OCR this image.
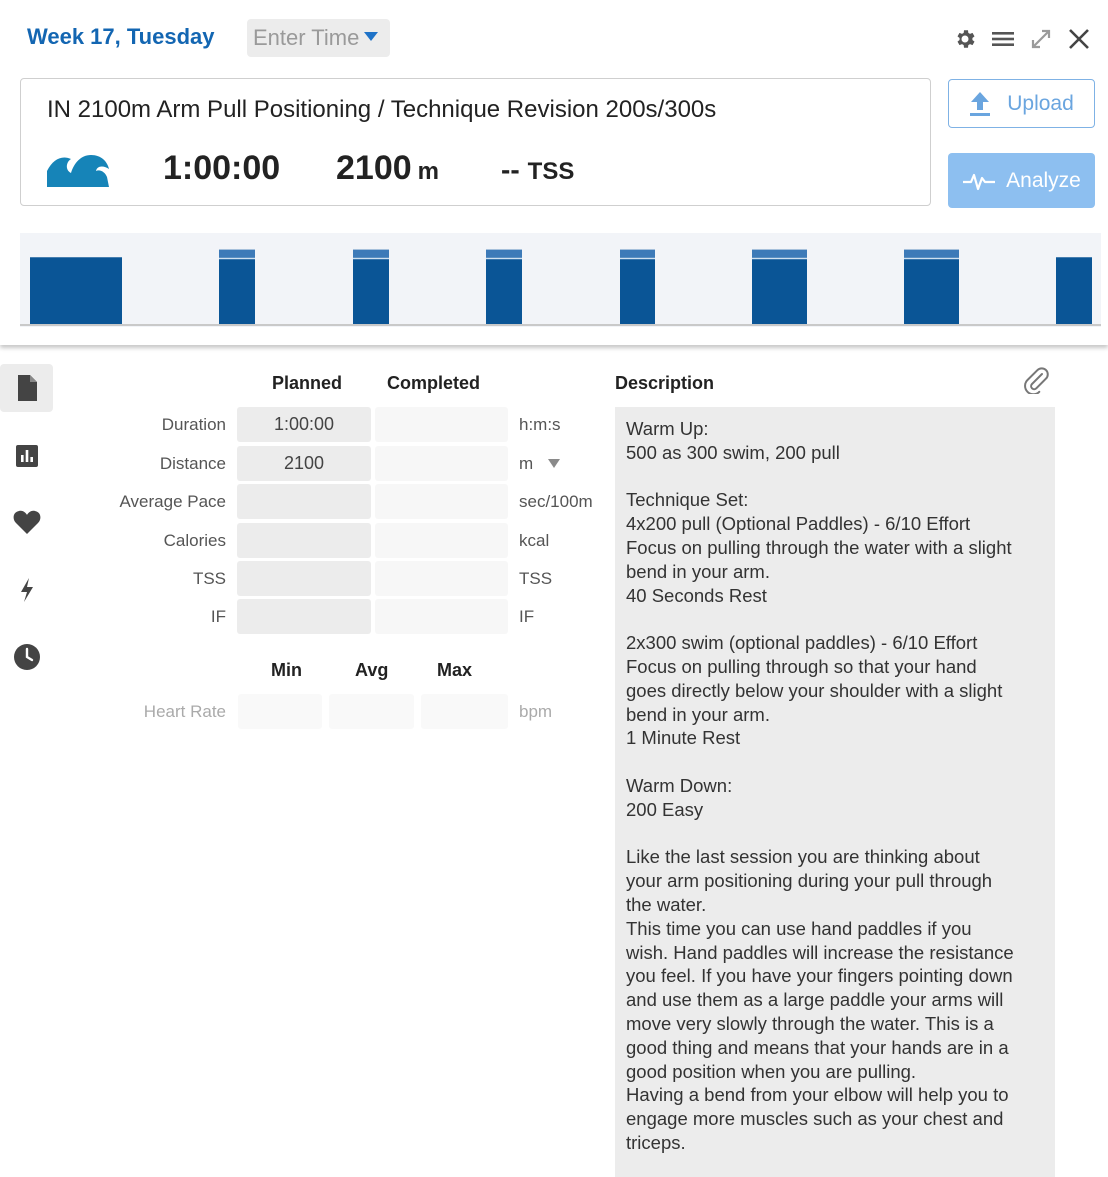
Week 17, Tuesday Enter Time
IN 2100m Arm Pull Positioning / Technique Revision 200s/300s
1:00:00 2100 m -- TSS
Upload
Analyze
Planned Completed
Duration	1:00:00	h:m:s
Distance	2100	m
Average Pace	sec/100m
Calories	kcal
TSS	TSS
IF	IF
Min	Avg	Max
Heart Rate	bpm
Description

Warm Up:

500 as 300 swim, 200 pull

Technique Set:

4x200 pull (Optional Paddles) - 6/10 Effort

Focus on pulling through the water with a slight

bend in your arm.

40 Seconds Rest

2x300 swim (optional paddles) - 6/10 Effort

Focus on pulling through so that your hand

goes directly below your shoulder with a slight

bend in your arm.

1 Minute Rest

Warm Down:

200 Easy

Like the last session you are thinking about

your arm positioning during your pull through

the water.

This time you can use hand paddles if you

wish. Hand paddles will increase the resistance

you feel. If you have your fingers pointing down

and use them as a large paddle your arms will

move very slowly through the water. This is a

good thing and means that your hands are in a

good position when you are pulling.

Having a bend from your elbow will help you to

engage more muscles such as your chest and

triceps.
